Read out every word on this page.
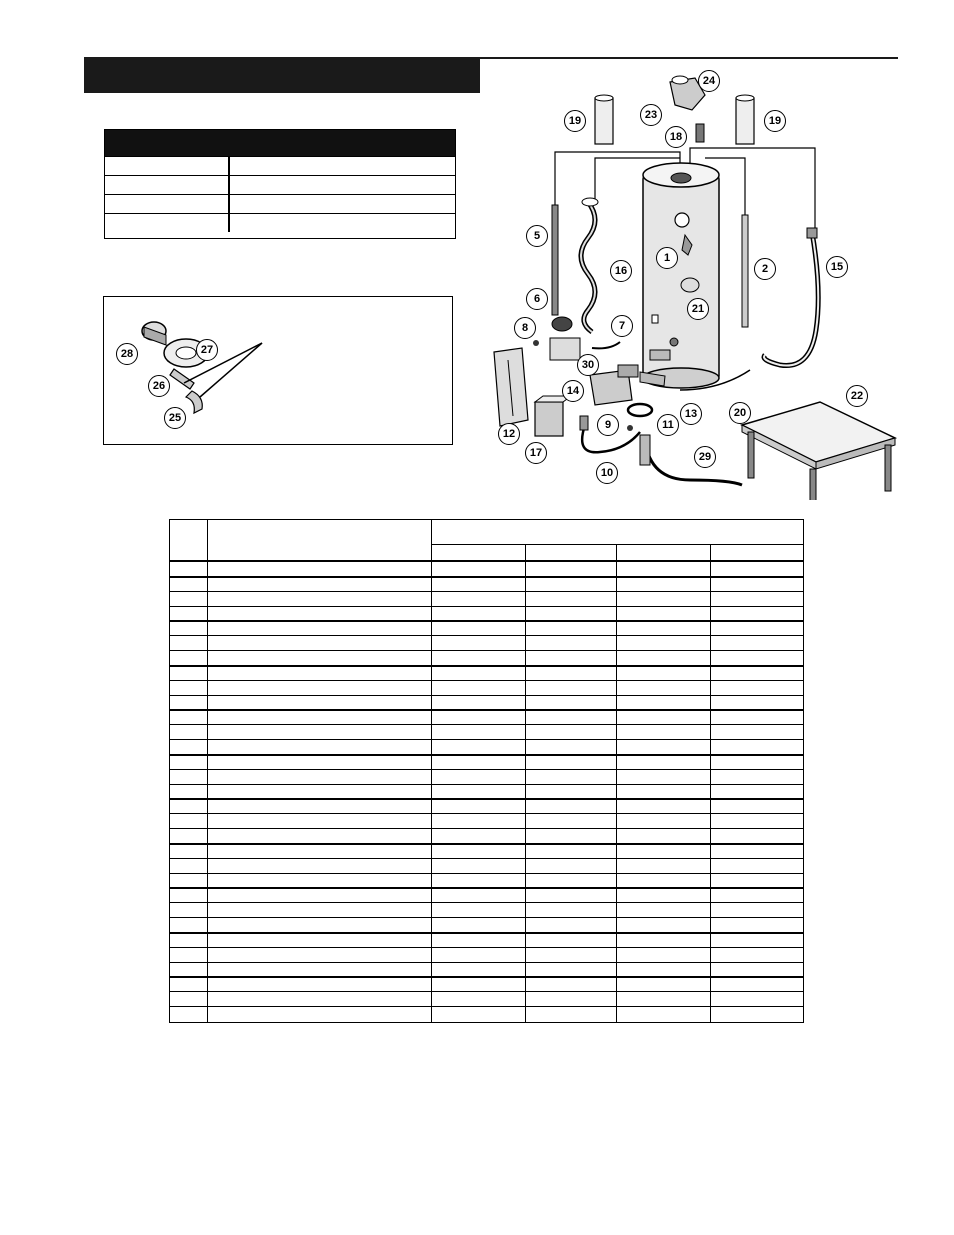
28	27
26
25
24
23
19	19
18
5
16
1
2	15
21
6
7
8
30
14
13	20
22
12
9	11
17
10
29
